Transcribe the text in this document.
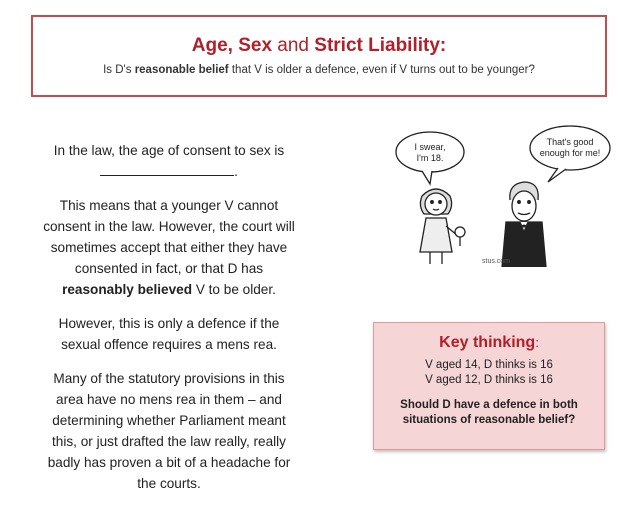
Age, Sex and Strict Liability:
Is D's reasonable belief that V is older a defence, even if V turns out to be younger?

In the law, the age of consent to sex is
.

This means that a younger V cannot consent in the law. However, the court will sometimes accept that either they have consented in fact, or that D has reasonably believed V to be older.

However, this is only a defence if the sexual offence requires a mens rea.

Many of the statutory provisions in this area have no mens rea in them – and determining whether Parliament meant this, or just drafted the law really, really badly has proven a bit of a headache for the courts.

I swear,
I'm 18.
That's good
enough for me!
stus.com
Key thinking:
V aged 14, D thinks is 16
V aged 12, D thinks is 16
Should D have a defence in both
situations of reasonable belief?
